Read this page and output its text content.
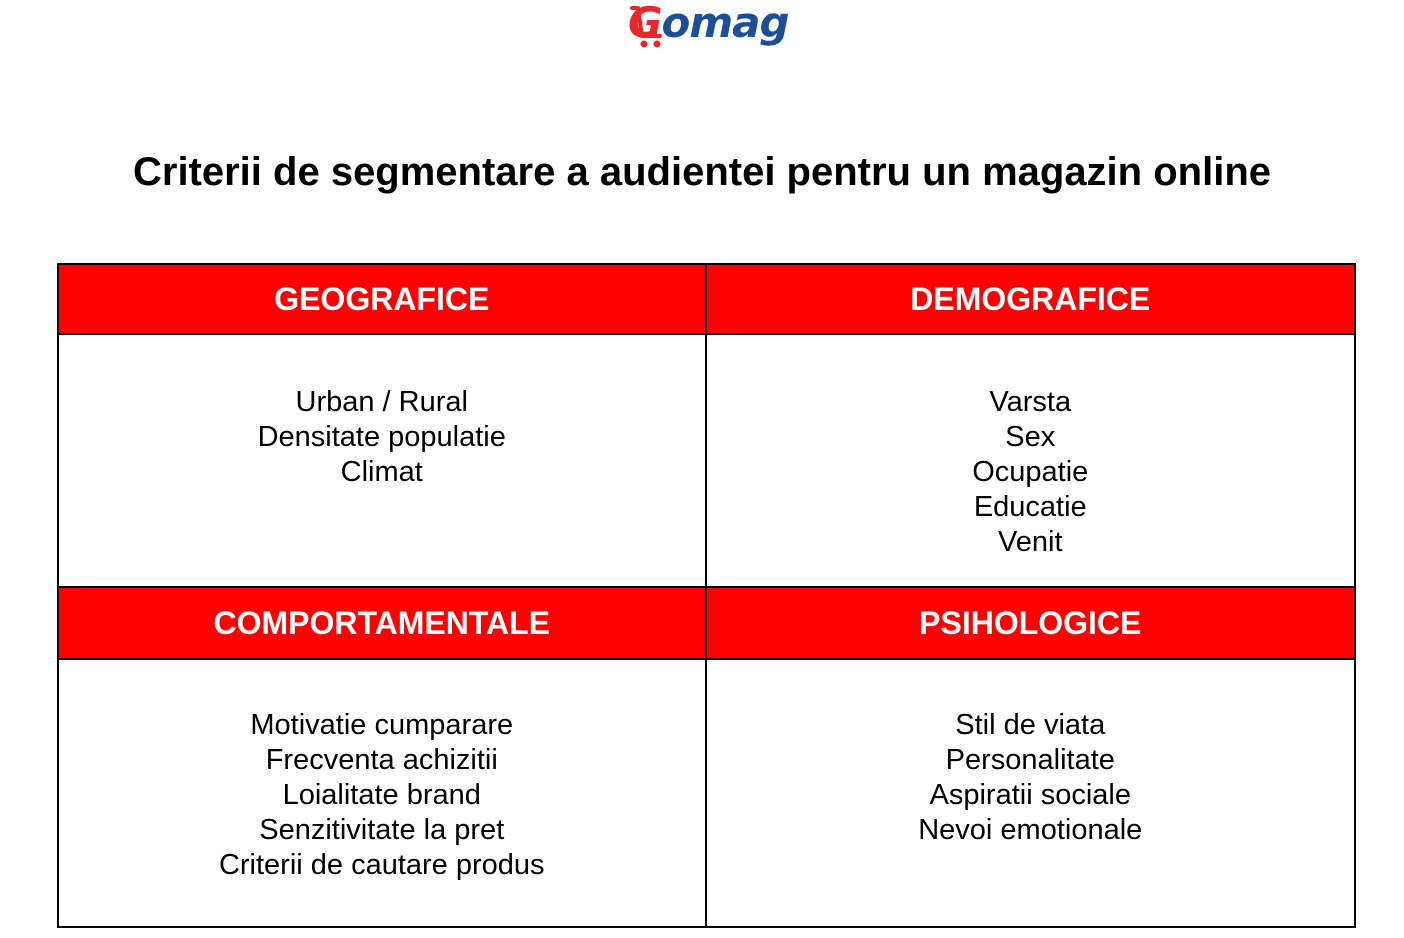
Gomag
Criterii de segmentare a audientei pentru un magazin online
GEOGRAFICE	DEMOGRAFICE
Urban / Rural
Densitate populatie
Climat
Varsta
Sex
Ocupatie
Educatie
Venit
COMPORTAMENTALE	PSIHOLOGICE
Motivatie cumparare
Frecventa achizitii
Loialitate brand
Senzitivitate la pret
Criterii de cautare produs
Stil de viata
Personalitate
Aspiratii sociale
Nevoi emotionale
